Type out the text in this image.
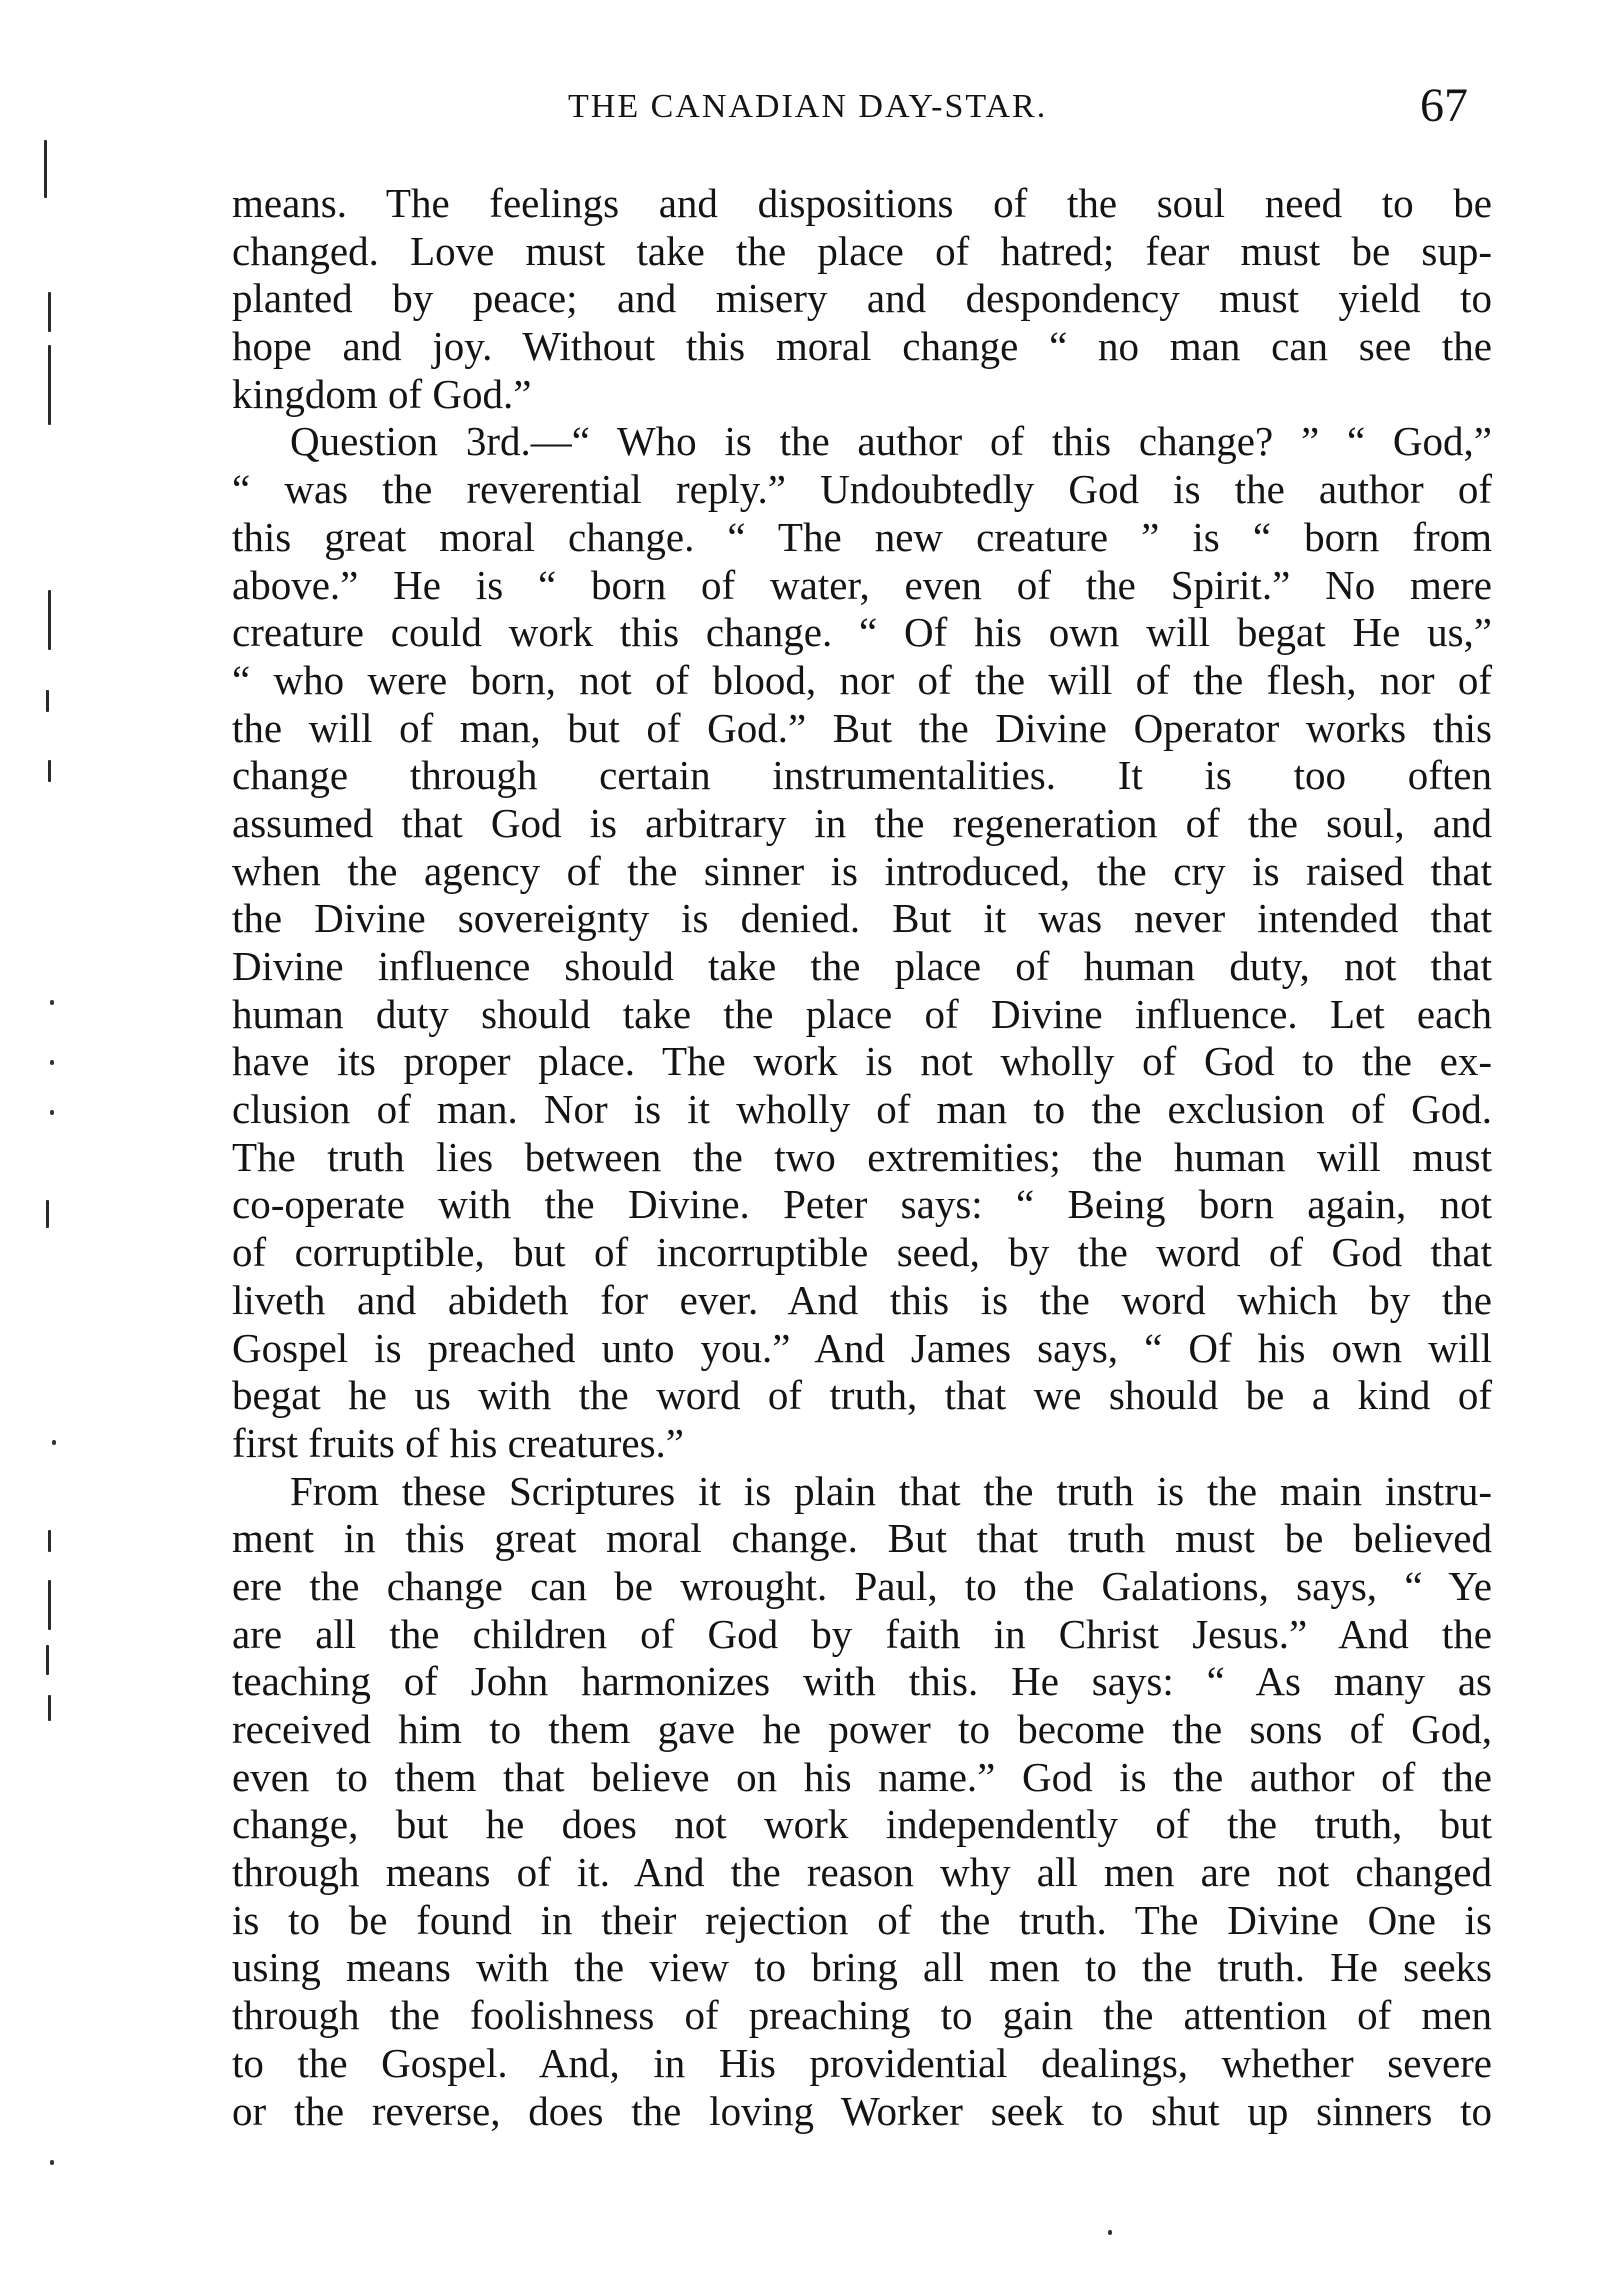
THE CANADIAN DAY-STAR.	67
means. The feelings and dispositions of the soul need to be
changed. Love must take the place of hatred; fear must be sup-
planted by peace; and misery and despondency must yield to
hope and joy. Without this moral change “ no man can see the
kingdom of God.”
Question 3rd.—“ Who is the author of this change? ” “ God,”
“ was the reverential reply.” Undoubtedly God is the author of
this great moral change. “ The new creature ” is “ born from
above.” He is “ born of water, even of the Spirit.” No mere
creature could work this change. “ Of his own will begat He us,”
“ who were born, not of blood, nor of the will of the flesh, nor of
the will of man, but of God.” But the Divine Operator works this
change through certain instrumentalities. It is too often
assumed that God is arbitrary in the regeneration of the soul, and
when the agency of the sinner is introduced, the cry is raised that
the Divine sovereignty is denied. But it was never intended that
Divine influence should take the place of human duty, not that
human duty should take the place of Divine influence. Let each
have its proper place. The work is not wholly of God to the ex-
clusion of man. Nor is it wholly of man to the exclusion of God.
The truth lies between the two extremities; the human will must
co-operate with the Divine. Peter says: “ Being born again, not
of corruptible, but of incorruptible seed, by the word of God that
liveth and abideth for ever. And this is the word which by the
Gospel is preached unto you.” And James says, “ Of his own will
begat he us with the word of truth, that we should be a kind of
first fruits of his creatures.”
From these Scriptures it is plain that the truth is the main instru-
ment in this great moral change. But that truth must be believed
ere the change can be wrought. Paul, to the Galations, says, “ Ye
are all the children of God by faith in Christ Jesus.” And the
teaching of John harmonizes with this. He says: “ As many as
received him to them gave he power to become the sons of God,
even to them that believe on his name.” God is the author of the
change, but he does not work independently of the truth, but
through means of it. And the reason why all men are not changed
is to be found in their rejection of the truth. The Divine One is
using means with the view to bring all men to the truth. He seeks
through the foolishness of preaching to gain the attention of men
to the Gospel. And, in His providential dealings, whether severe
or the reverse, does the loving Worker seek to shut up sinners to
